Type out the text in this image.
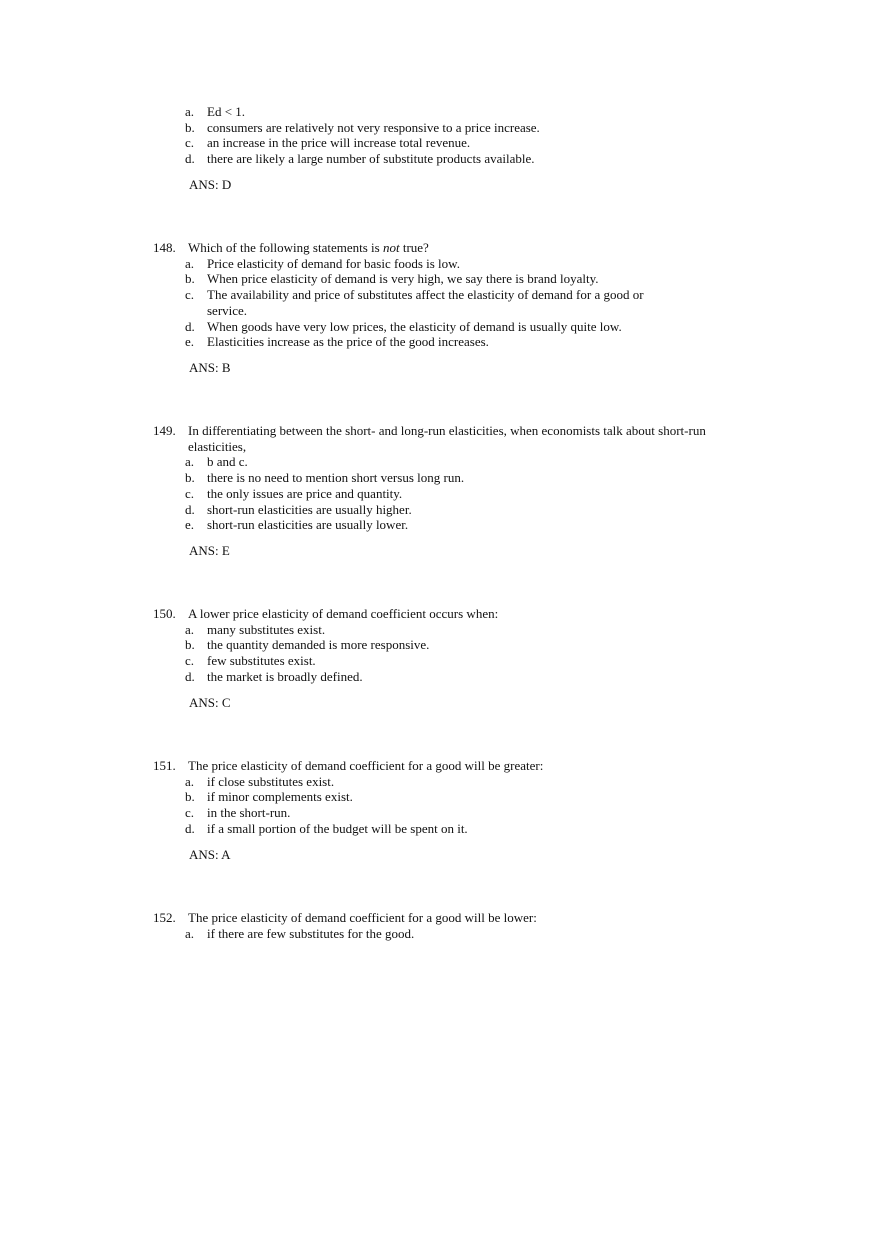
a. Ed < 1.
b. consumers are relatively not very responsive to a price increase.
c. an increase in the price will increase total revenue.
d. there are likely a large number of substitute products available.
ANS: D
148. Which of the following statements is not true?
a. Price elasticity of demand for basic foods is low.
b. When price elasticity of demand is very high, we say there is brand loyalty.
c. The availability and price of substitutes affect the elasticity of demand for a good or service.
d. When goods have very low prices, the elasticity of demand is usually quite low.
e. Elasticities increase as the price of the good increases.
ANS: B
149. In differentiating between the short- and long-run elasticities, when economists talk about short-run elasticities,
a. b and c.
b. there is no need to mention short versus long run.
c. the only issues are price and quantity.
d. short-run elasticities are usually higher.
e. short-run elasticities are usually lower.
ANS: E
150. A lower price elasticity of demand coefficient occurs when:
a. many substitutes exist.
b. the quantity demanded is more responsive.
c. few substitutes exist.
d. the market is broadly defined.
ANS: C
151. The price elasticity of demand coefficient for a good will be greater:
a. if close substitutes exist.
b. if minor complements exist.
c. in the short-run.
d. if a small portion of the budget will be spent on it.
ANS: A
152. The price elasticity of demand coefficient for a good will be lower:
a. if there are few substitutes for the good.
